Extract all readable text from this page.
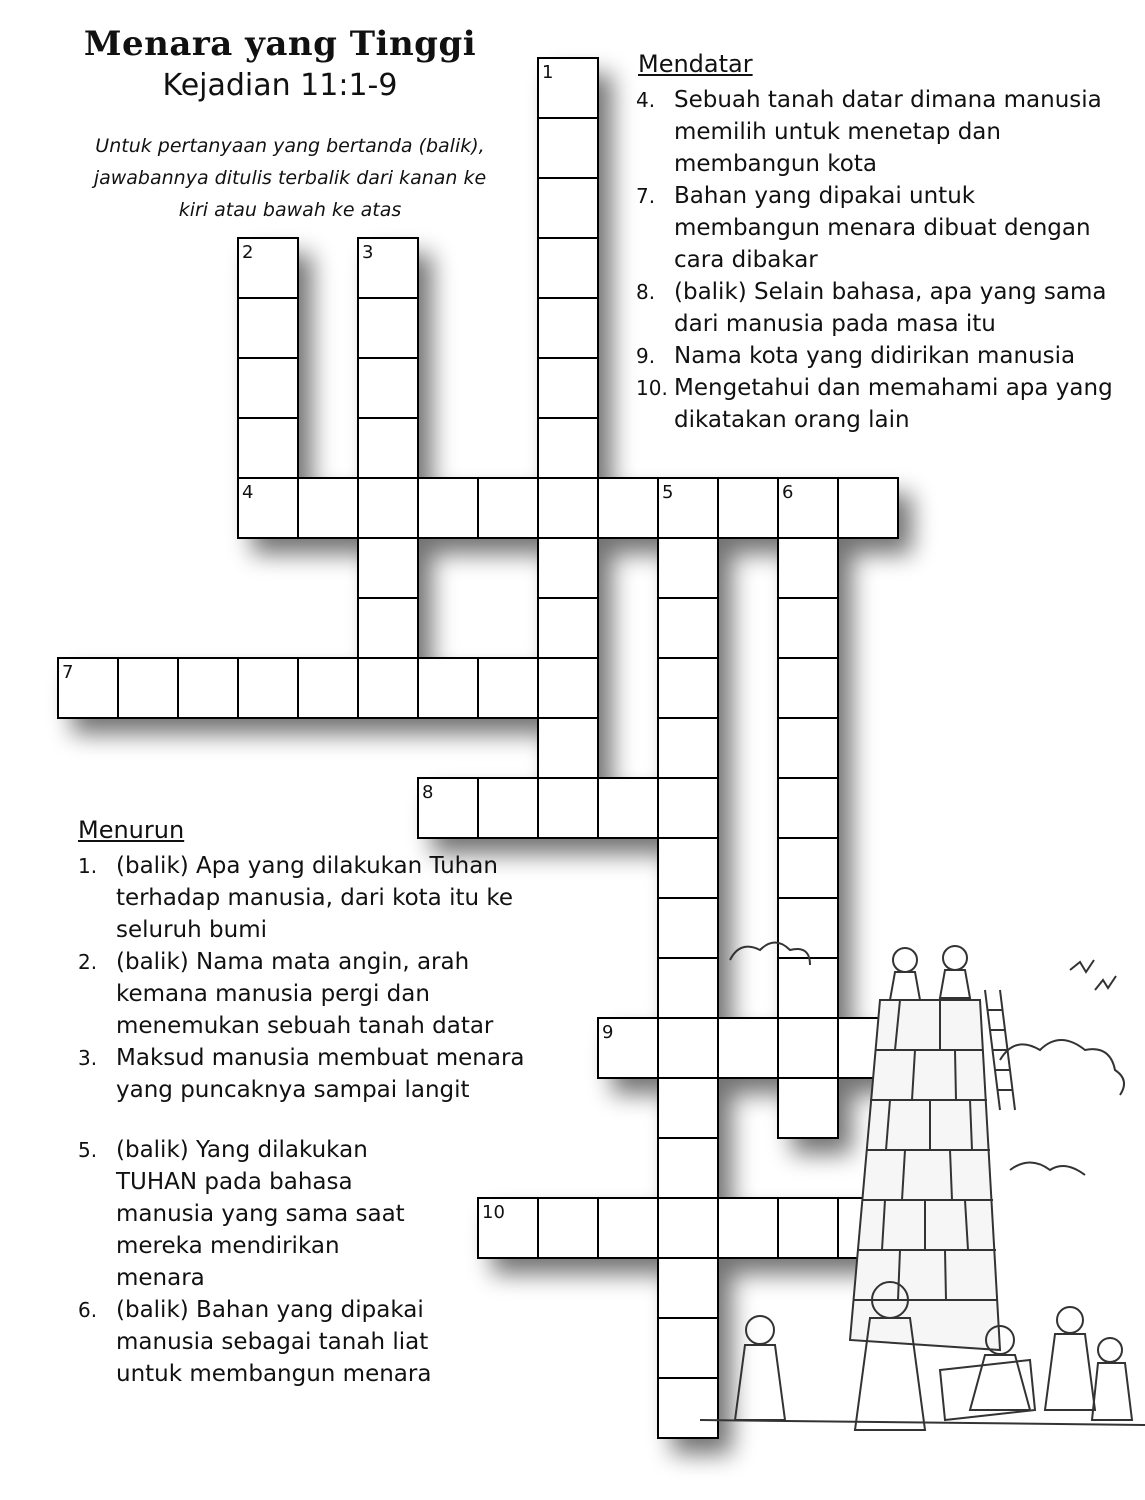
Menara yang Tinggi
Kejadian 11:1-9
Untuk pertanyaan yang bertanda (balik), jawabannya ditulis terbalik dari kanan ke kiri atau bawah ke atas
1
2	3
4	5	6
7
8
9
10
Mendatar
4. Sebuah tanah datar dimana manusia memilih untuk menetap dan membangun kota
7. Bahan yang dipakai untuk membangun menara dibuat dengan cara dibakar
8. (balik) Selain bahasa, apa yang sama dari manusia pada masa itu
9. Nama kota yang didirikan manusia
10. Mengetahui dan memahami apa yang dikatakan orang lain
Menurun
1. (balik) Apa yang dilakukan Tuhan terhadap manusia, dari kota itu ke seluruh bumi
2. (balik) Nama mata angin, arah kemana manusia pergi dan menemukan sebuah tanah datar
3. Maksud manusia membuat menara yang puncaknya sampai langit
5. (balik) Yang dilakukan TUHAN pada bahasa manusia yang sama saat mereka mendirikan menara
6. (balik) Bahan yang dipakai manusia sebagai tanah liat untuk membangun menara
